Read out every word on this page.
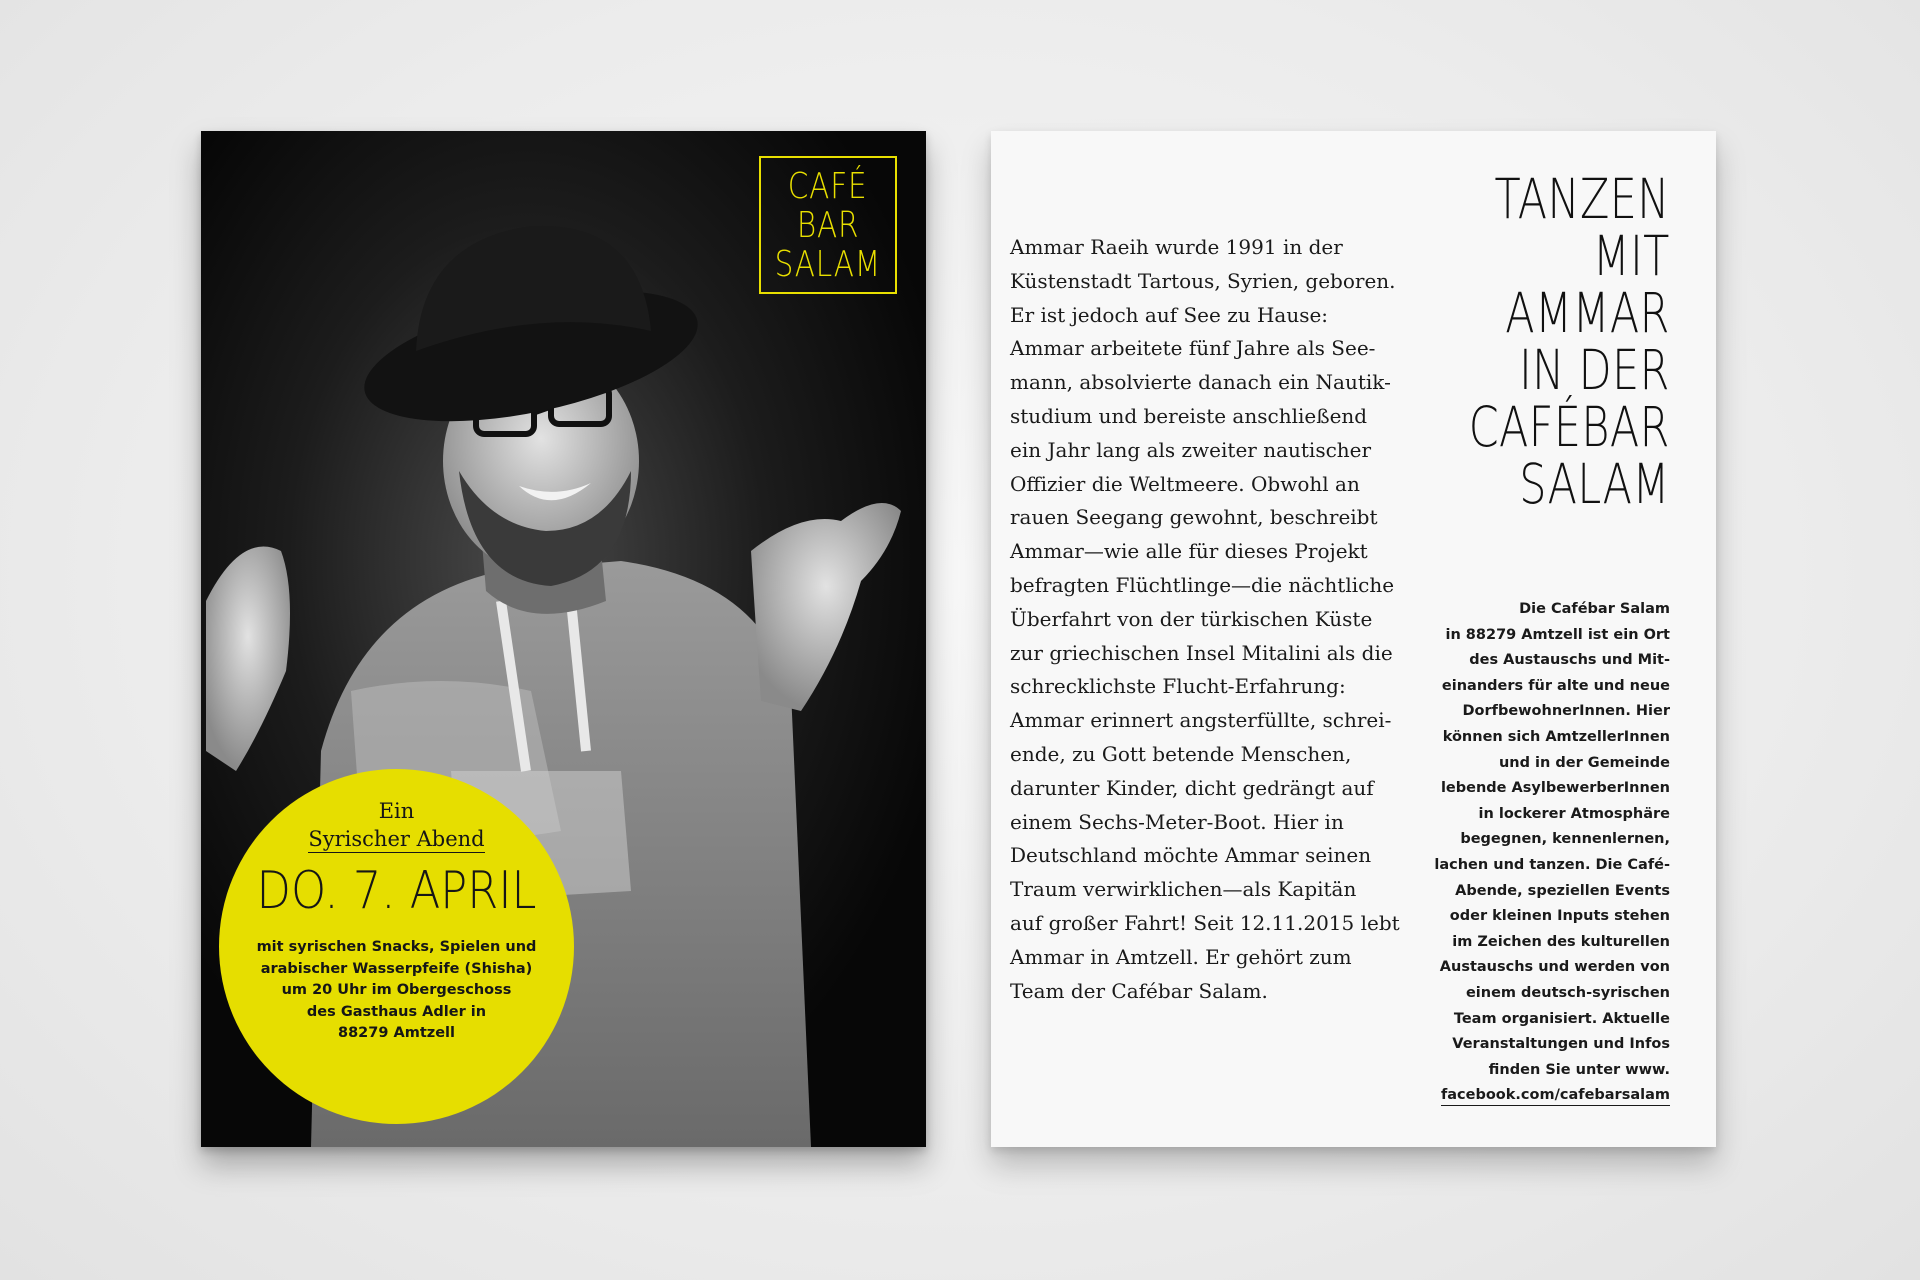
CAFÉ
BAR
SALAM
Ein
Syrischer Abend
DO. 7. APRIL
mit syrischen Snacks, Spielen und
arabischer Wasserpfeife (Shisha)
um 20 Uhr im Obergeschoss
des Gasthaus Adler in
88279 Amtzell
TANZEN
MIT
AMMAR
IN DER
CAFÉBAR
SALAM
Ammar Raeih wurde 1991 in der
Küstenstadt Tartous, Syrien, geboren.
Er ist jedoch auf See zu Hause:
Ammar arbeitete fünf Jahre als See-
mann, absolvierte danach ein Nautik-
studium und bereiste anschließend
ein Jahr lang als zweiter nautischer
Offizier die Weltmeere. Obwohl an
rauen Seegang gewohnt, beschreibt
Ammar—wie alle für dieses Projekt
befragten Flüchtlinge—die nächtliche
Überfahrt von der türkischen Küste
zur griechischen Insel Mitalini als die
schrecklichste Flucht-Erfahrung:
Ammar erinnert angsterfüllte, schrei-
ende, zu Gott betende Menschen,
darunter Kinder, dicht gedrängt auf
einem Sechs-Meter-Boot. Hier in
Deutschland möchte Ammar seinen
Traum verwirklichen—als Kapitän
auf großer Fahrt! Seit 12.11.2015 lebt
Ammar in Amtzell. Er gehört zum
Team der Cafébar Salam.
Die Cafébar Salam
in 88279 Amtzell ist ein Ort
des Austauschs und Mit-
einanders für alte und neue
DorfbewohnerInnen. Hier
können sich AmtzellerInnen
und in der Gemeinde
lebende AsylbewerberInnen
in lockerer Atmosphäre
begegnen, kennenlernen,
lachen und tanzen. Die Café-
Abende, speziellen Events
oder kleinen Inputs stehen
im Zeichen des kulturellen
Austauschs und werden von
einem deutsch-syrischen
Team organisiert. Aktuelle
Veranstaltungen und Infos
finden Sie unter www.
facebook.com/cafebarsalam
